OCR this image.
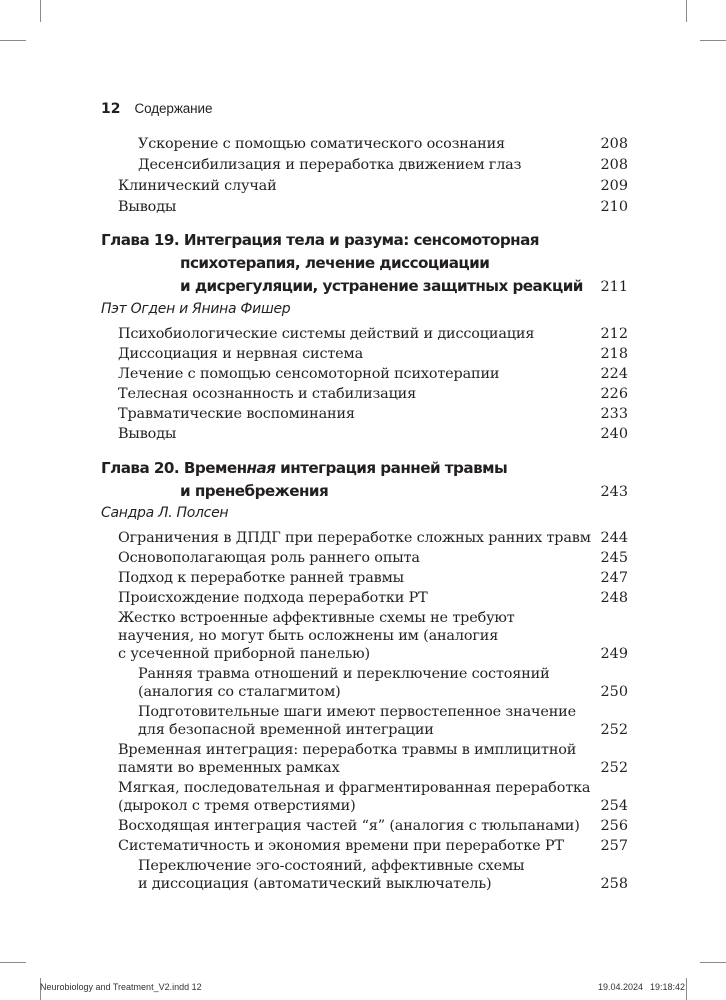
12 Содержание
Ускорение с помощью соматического осознания	208
Десенсибилизация и переработка движением глаз	208
Клинический случай	209
Выводы	210
Глава 19. Интеграция тела и разума: сенсомоторная
психотерапия, лечение диссоциации
и дисрегуляции, устранение защитных реакций	211
Пэт Огден и Янина Фишер
Психобиологические системы действий и диссоциация	212
Диссоциация и нервная система	218
Лечение с помощью сенсомоторной психотерапии	224
Телесная осознанность и стабилизация	226
Травматические воспоминания	233
Выводы	240
Глава 20. Временная интеграция ранней травмы
и пренебрежения	243
Сандра Л. Полсен
Ограничения в ДПДГ при переработке сложных ранних травм 244
Основополагающая роль раннего опыта	245
Подход к переработке ранней травмы	247
Происхождение подхода переработки РТ	248
Жестко встроенные аффективные схемы не требуют
научения, но могут быть осложнены им (аналогия
с усеченной приборной панелью)	249
Ранняя травма отношений и переключение состояний
(аналогия со сталагмитом)	250
Подготовительные шаги имеют первостепенное значение
для безопасной временной интеграции	252
Временная интеграция: переработка травмы в имплицитной
памяти во временных рамках	252
Мягкая, последовательная и фрагментированная переработка
(дырокол с тремя отверстиями)	254
Восходящая интеграция частей “я” (аналогия с тюльпанами)	256
Систематичность и экономия времени при переработке РТ	257
Переключение эго-состояний, аффективные схемы
и диссоциация (автоматический выключатель)	258
Neurobiology and Treatment_V2.indd 12	19.04.2024 19:18:42
